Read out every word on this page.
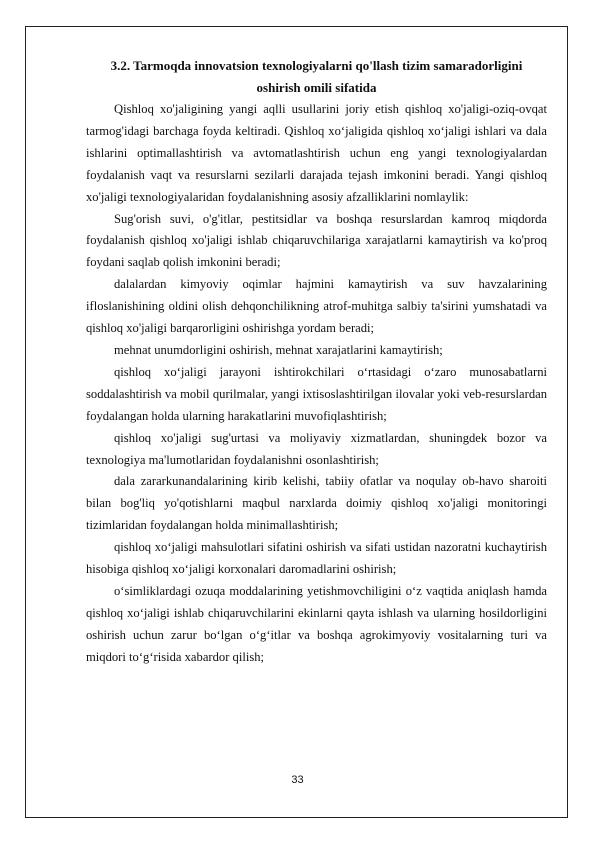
3.2. Tarmoqda innovatsion texnologiyalarni qo'llash tizim samaradorligini
oshirish omili sifatida

Qishloq xo'jaligining yangi aqlli usullarini joriy etish qishloq xo'jaligi-oziq-ovqat tarmog'idagi barchaga foyda keltiradi. Qishloq xo‘jaligida qishloq xo‘jaligi ishlari va dala ishlarini optimallashtirish va avtomatlashtirish uchun eng yangi texnologiyalardan foydalanish vaqt va resurslarni sezilarli darajada tejash imkonini beradi. Yangi qishloq xo'jaligi texnologiyalaridan foydalanishning asosiy afzalliklarini nomlaylik:

Sug'orish suvi, o'g'itlar, pestitsidlar va boshqa resurslardan kamroq miqdorda foydalanish qishloq xo'jaligi ishlab chiqaruvchilariga xarajatlarni kamaytirish va ko'proq foydani saqlab qolish imkonini beradi;

dalalardan kimyoviy oqimlar hajmini kamaytirish va suv havzalarining ifloslanishining oldini olish dehqonchilikning atrof-muhitga salbiy ta'sirini yumshatadi va qishloq xo'jaligi barqarorligini oshirishga yordam beradi;

mehnat unumdorligini oshirish, mehnat xarajatlarini kamaytirish;

qishloq xo‘jaligi jarayoni ishtirokchilari o‘rtasidagi o‘zaro munosabatlarni soddalashtirish va mobil qurilmalar, yangi ixtisoslashtirilgan ilovalar yoki veb-resurslardan foydalangan holda ularning harakatlarini muvofiqlashtirish;

qishloq xo'jaligi sug'urtasi va moliyaviy xizmatlardan, shuningdek bozor va texnologiya ma'lumotlaridan foydalanishni osonlashtirish;

dala zararkunandalarining kirib kelishi, tabiiy ofatlar va noqulay ob-havo sharoiti bilan bog'liq yo'qotishlarni maqbul narxlarda doimiy qishloq xo'jaligi monitoringi tizimlaridan foydalangan holda minimallashtirish;

qishloq xo‘jaligi mahsulotlari sifatini oshirish va sifati ustidan nazoratni kuchaytirish hisobiga qishloq xo‘jaligi korxonalari daromadlarini oshirish;

o‘simliklardagi ozuqa moddalarining yetishmovchiligini o‘z vaqtida aniqlash hamda qishloq xo‘jaligi ishlab chiqaruvchilarini ekinlarni qayta ishlash va ularning hosildorligini oshirish uchun zarur bo‘lgan o‘g‘itlar va boshqa agrokimyoviy vositalarning turi va miqdori to‘g‘risida xabardor qilish;

33
